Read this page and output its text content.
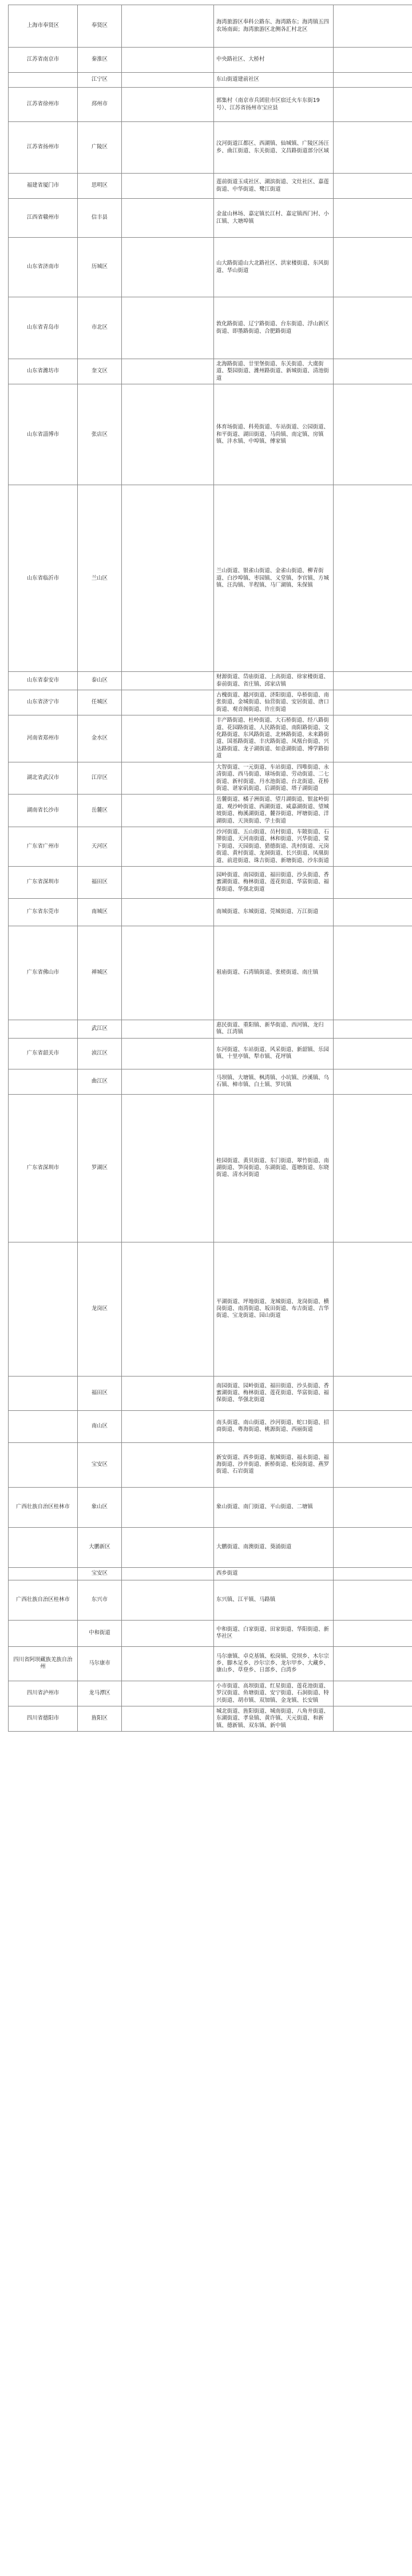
上海市奉贤区	奉贤区		海湾旅游区奉科公路东、海湾路东；海湾镇五四农场南面；海湾旅游区北侧各汇村北区	
江苏省南京市	秦淮区		中央路社区、大桥村	
	江宁区		东山街道建前社区	
江苏省徐州市	邳州市		郭集村（南京市兵团驻市区宿迁火车东街19号）、江苏省扬州市宝应县	
江苏省扬州市	广陵区		汶河街道江都区、西湖镇、仙城镇、广陵区汤汪乡、曲江街道、东关街道、文昌路街道部分区域	
福建省厦门市	思明区		莲前街道玉成社区、湖滨街道、文灶社区、嘉莲街道、中华街道、鹭江街道	
江西省赣州市	信丰县		金盆山林场、嘉定镇长江村、嘉定镇西门村、小江镇、大塘埠镇	
山东省济南市	历城区		山大路街道山大北路社区、洪家楼街道、东风街道、华山街道	
山东省青岛市	市北区		敦化路街道、辽宁路街道、台东街道、浮山新区街道、即墨路街道、合肥路街道	
山东省潍坊市	奎文区		北海路街道、廿里堡街道、东关街道、大虞街道、梨园街道、潍州路街道、新城街道、清池街道	
山东省淄博市	张店区		体育场街道、科苑街道、车站街道、公园街道、和平街道、湖田街道、马尚镇、南定镇、房镇镇、沣水镇、中埠镇、傅家镇	
山东省临沂市	兰山区		兰山街道、银雀山街道、金雀山街道、柳青街道、白沙埠镇、枣园镇、义堂镇、李官镇、方城镇、汪沟镇、半程镇、马厂湖镇、朱保镇	
山东省泰安市	泰山区		财源街道、岱庙街道、上高街道、徐家楼街道、泰前街道、省庄镇、邱家店镇	
山东省济宁市	任城区		古槐街道、越河街道、济阳街道、阜桥街道、南张街道、金城街道、仙营街道、安居街道、唐口街道、观音阁街道、许庄街道	
河南省郑州市	金水区		丰产路街道、杜岭街道、大石桥街道、经八路街道、花园路街道、人民路街道、南阳路街道、文化路街道、东风路街道、北林路街道、未来路街道、国基路街道、丰庆路街道、凤凰台街道、兴达路街道、龙子湖街道、如意湖街道、博学路街道	
湖北省武汉市	江岸区		大智街道、一元街道、车站街道、四唯街道、永清街道、西马街道、球场街道、劳动街道、二七街道、新村街道、丹水池街道、台北街道、花桥街道、谌家矶街道、后湖街道、塔子湖街道	
湖南省长沙市	岳麓区		岳麓街道、橘子洲街道、望月湖街道、银盆岭街道、观沙岭街道、西湖街道、咸嘉湖街道、望城坡街道、梅溪湖街道、麓谷街道、坪塘街道、洋湖街道、天顶街道、学士街道	
广东省广州市	天河区		沙河街道、五山街道、员村街道、车陂街道、石牌街道、天河南街道、林和街道、兴华街道、棠下街道、天园街道、猎德街道、冼村街道、元岗街道、黄村街道、龙洞街道、长兴街道、凤凰街道、前进街道、珠吉街道、新塘街道、沙东街道	
广东省深圳市	福田区		园岭街道、南园街道、福田街道、沙头街道、香蜜湖街道、梅林街道、莲花街道、华富街道、福保街道、华强北街道	
广东省东莞市	南城区		南城街道、东城街道、莞城街道、万江街道	
广东省佛山市	禅城区		祖庙街道、石湾镇街道、张槎街道、南庄镇	
	武江区		惠民街道、重阳镇、新华街道、西河镇、龙归镇、江湾镇	
广东省韶关市	浈江区		东河街道、车站街道、风采街道、新韶镇、乐园镇、十里亭镇、犁市镇、花坪镇	
	曲江区		马坝镇、大塘镇、枫湾镇、小坑镇、沙溪镇、乌石镇、樟市镇、白土镇、罗坑镇	
广东省深圳市	罗湖区		桂园街道、黄贝街道、东门街道、翠竹街道、南湖街道、笋岗街道、东湖街道、莲塘街道、东晓街道、清水河街道	
	龙岗区		平湖街道、坪地街道、龙城街道、龙岗街道、横岗街道、南湾街道、坂田街道、布吉街道、吉华街道、宝龙街道、园山街道	
	福田区		南园街道、园岭街道、福田街道、沙头街道、香蜜湖街道、梅林街道、莲花街道、华富街道、福保街道、华强北街道	
	南山区		南头街道、南山街道、沙河街道、蛇口街道、招商街道、粤海街道、桃源街道、西丽街道	
	宝安区		新安街道、西乡街道、航城街道、福永街道、福海街道、沙井街道、新桥街道、松岗街道、燕罗街道、石岩街道	
广西壮族自治区桂林市	象山区		象山街道、南门街道、平山街道、二塘镇	
	大鹏新区		大鹏街道、南澳街道、葵涌街道	
	宝安区		西乡街道	
广西壮族自治区桂林市	东兴市		东兴镇、江平镇、马路镇	
	中和街道		中和街道、白家街道、田家街道、华阳街道、新华社区	
四川省阿坝藏族羌族自治州	马尔康市		马尔康镇、卓克基镇、松岗镇、党坝乡、木尔宗乡、脚木足乡、沙尔宗乡、龙尔甲乡、大藏乡、康山乡、草登乡、日部乡、白湾乡	
四川省泸州市	龙马潭区		小市街道、高坝街道、红星街道、莲花池街道、罗汉街道、鱼塘街道、安宁街道、石洞街道、特兴街道、胡市镇、双加镇、金龙镇、长安镇	
四川省德阳市	旌阳区		城北街道、旌阳街道、城南街道、八角井街道、东湖街道、孝泉镇、黄许镇、天元街道、和新镇、德新镇、双东镇、新中镇	
